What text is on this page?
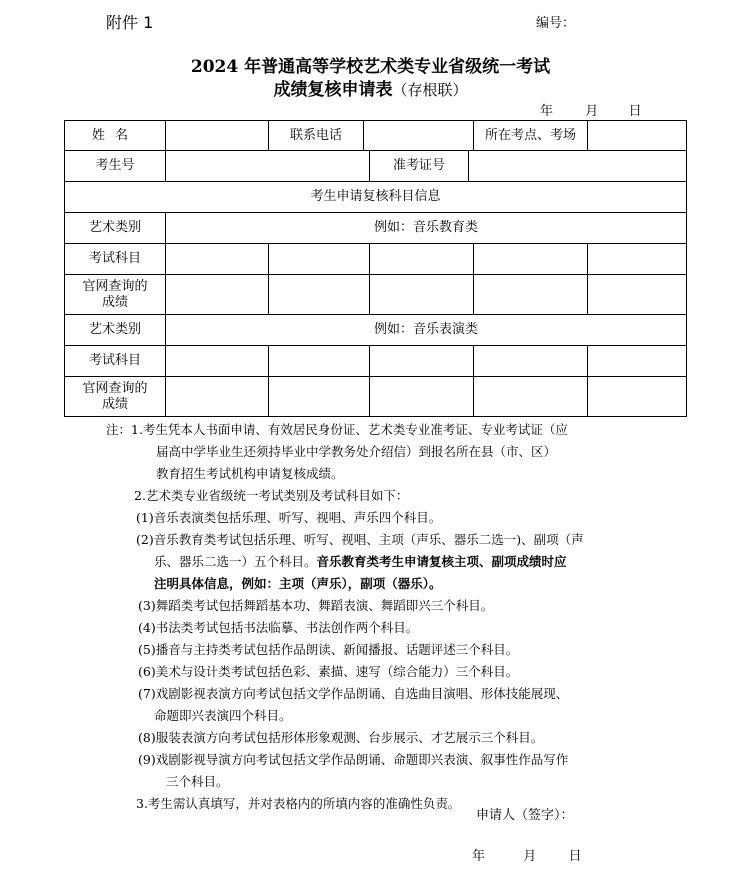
附件 1	编号：
2024 年普通高等学校艺术类专业省级统一考试
成绩复核申请表（存根联）
年 月 日
姓名		联系电话				所在考点、考场	
考生号				准考证号			
考生申请复核科目信息							
艺术类别	例如：音乐教育类						
考试科目							

官网查询的
成绩							

艺术类别	例如：音乐表演类						
考试科目							

官网查询的
成绩							

注：1.考生凭本人书面申请、有效居民身份证、艺术类专业准考证、专业考试证（应
届高中学毕业生还须持毕业中学教务处介绍信）到报名所在县（市、区）
教育招生考试机构申请复核成绩。
2.艺术类专业省级统一考试类别及考试科目如下：
(1)音乐表演类包括乐理、听写、视唱、声乐四个科目。
(2)音乐教育类考试包括乐理、听写、视唱、主项（声乐、器乐二选一)、副项（声
乐、器乐二选一）五个科目。音乐教育类考生申请复核主项、副项成绩时应
注明具体信息，例如：主项（声乐），副项（器乐）。
(3)舞蹈类考试包括舞蹈基本功、舞蹈表演、舞蹈即兴三个科目。
(4)书法类考试包括书法临摹、书法创作两个科目。
(5)播音与主持类考试包括作品朗读、新闻播报、话题评述三个科目。
(6)美术与设计类考试包括色彩、素描、速写（综合能力）三个科目。
(7)戏剧影视表演方向考试包括文学作品朗诵、自选曲目演唱、形体技能展现、
命题即兴表演四个科目。
(8)服装表演方向考试包括形体形象观测、台步展示、才艺展示三个科目。
(9)戏剧影视导演方向考试包括文学作品朗诵、命题即兴表演、叙事性作品写作
三个科目。
3.考生需认真填写，并对表格内的所填内容的准确性负责。
申请人（签字）：
年	月 日
